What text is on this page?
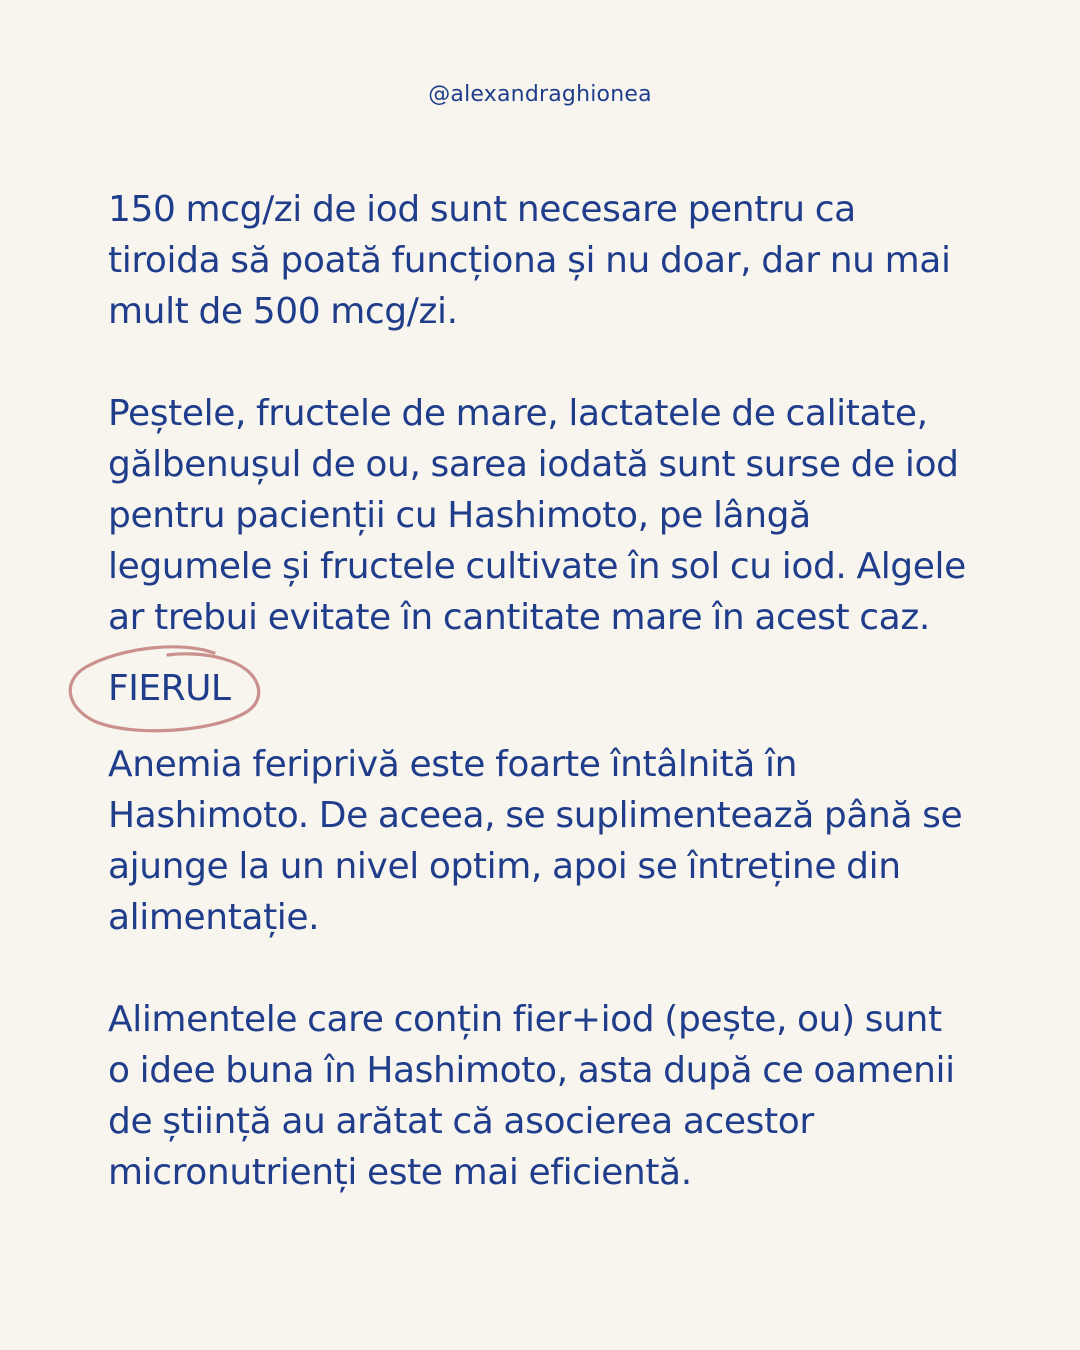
@alexandraghionea

150 mcg/zi de iod sunt necesare pentru ca

tiroida să poată funcționa și nu doar, dar nu mai

mult de 500 mcg/zi.

Peștele, fructele de mare, lactatele de calitate,

gălbenușul de ou, sarea iodată sunt surse de iod

pentru pacienții cu Hashimoto, pe lângă

legumele și fructele cultivate în sol cu iod. Algele

ar trebui evitate în cantitate mare în acest caz.

FIERUL

Anemia feriprivă este foarte întâlnită în

Hashimoto. De aceea, se suplimentează până se

ajunge la un nivel optim, apoi se întreține din

alimentație.

Alimentele care conțin fier+iod (pește, ou) sunt

o idee buna în Hashimoto, asta după ce oamenii

de știință au arătat că asocierea acestor

micronutrienți este mai eficientă.
